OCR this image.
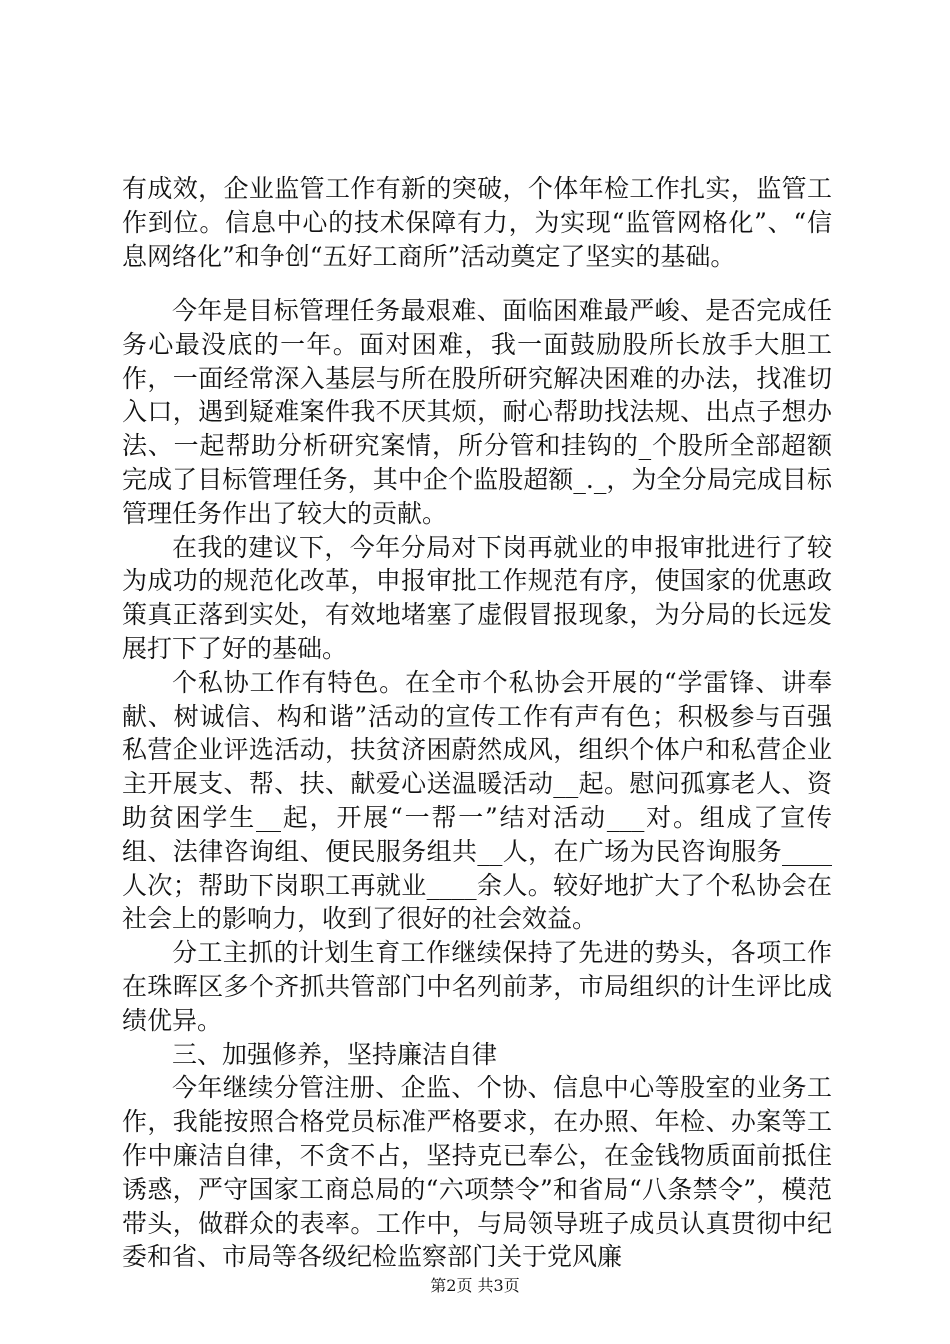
有成效，企业监管工作有新的突破，个体年检工作扎实，监管工作到位。信息中心的技术保障有力，为实现“监管网格化”、“信息网络化”和争创“五好工商所”活动奠定了坚实的基础。

今年是目标管理任务最艰难、面临困难最严峻、是否完成任务心最没底的一年。面对困难，我一面鼓励股所长放手大胆工作，一面经常深入基层与所在股所研究解决困难的办法，找准切入口，遇到疑难案件我不厌其烦，耐心帮助找法规、出点子想办法、一起帮助分析研究案情，所分管和挂钩的_个股所全部超额完成了目标管理任务，其中企个监股超额_._，为全分局完成目标管理任务作出了较大的贡献。

在我的建议下，今年分局对下岗再就业的申报审批进行了较为成功的规范化改革，申报审批工作规范有序，使国家的优惠政策真正落到实处，有效地堵塞了虚假冒报现象，为分局的长远发展打下了好的基础。

个私协工作有特色。在全市个私协会开展的“学雷锋、讲奉献、树诚信、构和谐”活动的宣传工作有声有色；积极参与百强私营企业评选活动，扶贫济困蔚然成风，组织个体户和私营企业主开展支、帮、扶、献爱心送温暖活动__起。慰问孤寡老人、资助贫困学生__起，开展“一帮一”结对活动___对。组成了宣传组、法律咨询组、便民服务组共__人，在广场为民咨询服务____人次；帮助下岗职工再就业____余人。较好地扩大了个私协会在社会上的影响力，收到了很好的社会效益。

分工主抓的计划生育工作继续保持了先进的势头，各项工作在珠晖区多个齐抓共管部门中名列前茅，市局组织的计生评比成绩优异。

三、加强修养，坚持廉洁自律

今年继续分管注册、企监、个协、信息中心等股室的业务工作，我能按照合格党员标准严格要求，在办照、年检、办案等工作中廉洁自律，不贪不占，坚持克已奉公，在金钱物质面前抵住诱惑，严守国家工商总局的“六项禁令”和省局“八条禁令”，模范带头，做群众的表率。工作中，与局领导班子成员认真贯彻中纪委和省、市局等各级纪检监察部门关于党风廉

第2页 共3页
